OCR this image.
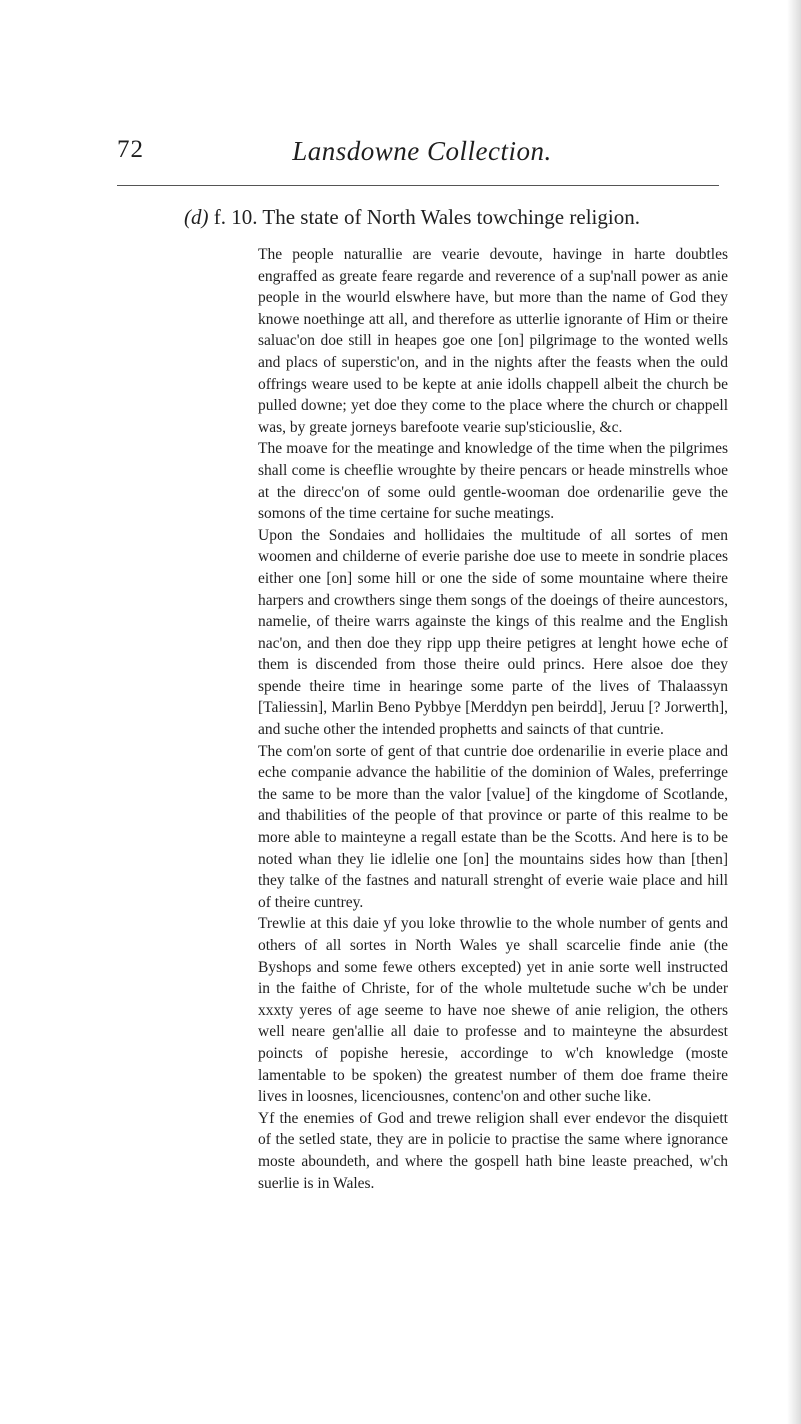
72	Lansdowne Collection.
(d) f. 10. The state of North Wales towchinge religion.

The people naturallie are vearie devoute, havinge in harte doubtles engraffed as greate feare regarde and reverence of a sup'nall power as anie people in the wourld elswhere have, but more than the name of God they knowe noethinge att all, and therefore as utterlie ignorante of Him or theire saluac'on doe still in heapes goe one [on] pilgrimage to the wonted wells and placs of superstic'on, and in the nights after the feasts when the ould offrings weare used to be kepte at anie idolls chappell albeit the church be pulled downe; yet doe they come to the place where the church or chappell was, by greate jorneys barefoote vearie sup'sticiouslie, &c.

The moave for the meatinge and knowledge of the time when the pilgrimes shall come is cheeflie wroughte by theire pencars or heade minstrells whoe at the direcc'on of some ould gentle-wooman doe ordenarilie geve the somons of the time certaine for suche meatings.

Upon the Sondaies and hollidaies the multitude of all sortes of men woomen and childerne of everie parishe doe use to meete in sondrie places either one [on] some hill or one the side of some mountaine where theire harpers and crowthers singe them songs of the doeings of theire auncestors, namelie, of theire warrs againste the kings of this realme and the English nac'on, and then doe they ripp upp theire petigres at lenght howe eche of them is discended from those theire ould princs. Here alsoe doe they spende theire time in hearinge some parte of the lives of Thalaassyn [Taliessin], Marlin Beno Pybbye [Merddyn pen beirdd], Jeruu [? Jorwerth], and suche other the intended prophetts and saincts of that cuntrie.

The com'on sorte of gent of that cuntrie doe ordenarilie in everie place and eche companie advance the habilitie of the dominion of Wales, preferringe the same to be more than the valor [value] of the kingdome of Scotlande, and thabilities of the people of that province or parte of this realme to be more able to mainteyne a regall estate than be the Scotts. And here is to be noted whan they lie idlelie one [on] the mountains sides how than [then] they talke of the fastnes and naturall strenght of everie waie place and hill of theire cuntrey.

Trewlie at this daie yf you loke throwlie to the whole number of gents and others of all sortes in North Wales ye shall scarcelie finde anie (the Byshops and some fewe others excepted) yet in anie sorte well instructed in the faithe of Christe, for of the whole multetude suche w'ch be under xxxty yeres of age seeme to have noe shewe of anie religion, the others well neare gen'allie all daie to professe and to mainteyne the absurdest poincts of popishe heresie, accordinge to w'ch knowledge (moste lamentable to be spoken) the greatest number of them doe frame theire lives in loosnes, licenciousnes, contenc'on and other suche like.

Yf the enemies of God and trewe religion shall ever endevor the disquiett of the setled state, they are in policie to practise the same where ignorance moste aboundeth, and where the gospell hath bine leaste preached, w'ch suerlie is in Wales.
